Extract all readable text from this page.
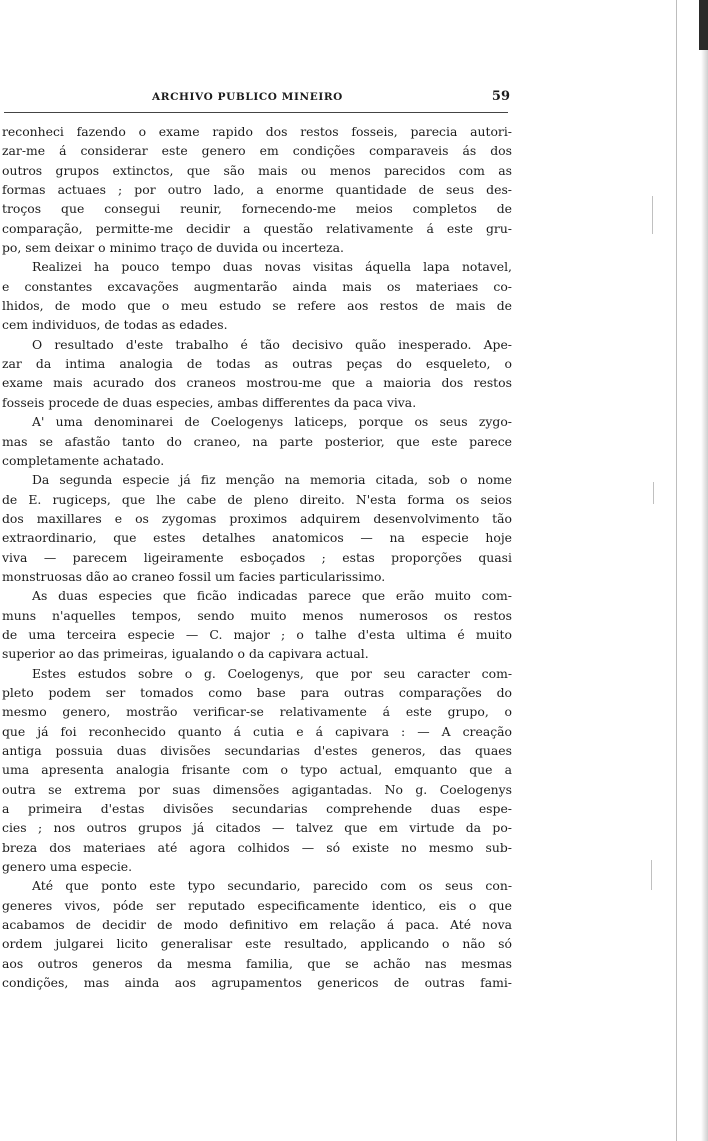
ARCHIVO PUBLICO MINEIRO	59
reconheci fazendo o exame rapido dos restos fosseis, parecia autori-
zar-me á considerar este genero em condições comparaveis ás dos
outros grupos extinctos, que são mais ou menos parecidos com as
formas actuaes ; por outro lado, a enorme quantidade de seus des-
troços que consegui reunir, fornecendo-me meios completos de
comparação, permitte-me decidir a questão relativamente á este gru-
po, sem deixar o minimo traço de duvida ou incerteza.
Realizei ha pouco tempo duas novas visitas áquella lapa notavel,
e constantes excavações augmentarão ainda mais os materiaes co-
lhidos, de modo que o meu estudo se refere aos restos de mais de
cem individuos, de todas as edades.
O resultado d'este trabalho é tão decisivo quão inesperado. Ape-
zar da intima analogia de todas as outras peças do esqueleto, o
exame mais acurado dos craneos mostrou-me que a maioria dos restos
fosseis procede de duas especies, ambas differentes da paca viva.
A' uma denominarei de Coelogenys laticeps, porque os seus zygo-
mas se afastão tanto do craneo, na parte posterior, que este parece
completamente achatado.
Da segunda especie já fiz menção na memoria citada, sob o nome
de E. rugiceps, que lhe cabe de pleno direito. N'esta forma os seios
dos maxillares e os zygomas proximos adquirem desenvolvimento tão
extraordinario, que estes detalhes anatomicos — na especie hoje
viva — parecem ligeiramente esboçados ; estas proporções quasi
monstruosas dão ao craneo fossil um facies particularissimo.
As duas especies que ficão indicadas parece que erão muito com-
muns n'aquelles tempos, sendo muito menos numerosos os restos
de uma terceira especie — C. major ; o talhe d'esta ultima é muito
superior ao das primeiras, igualando o da capivara actual.
Estes estudos sobre o g. Coelogenys, que por seu caracter com-
pleto podem ser tomados como base para outras comparações do
mesmo genero, mostrão verificar-se relativamente á este grupo, o
que já foi reconhecido quanto á cutia e á capivara : — A creação
antiga possuia duas divisões secundarias d'estes generos, das quaes
uma apresenta analogia frisante com o typo actual, emquanto que a
outra se extrema por suas dimensões agigantadas. No g. Coelogenys
a primeira d'estas divisões secundarias comprehende duas espe-
cies ; nos outros grupos já citados — talvez que em virtude da po-
breza dos materiaes até agora colhidos — só existe no mesmo sub-
genero uma especie.
Até que ponto este typo secundario, parecido com os seus con-
generes vivos, póde ser reputado especificamente identico, eis o que
acabamos de decidir de modo definitivo em relação á paca. Até nova
ordem julgarei licito generalisar este resultado, applicando o não só
aos outros generos da mesma familia, que se achão nas mesmas
condições, mas ainda aos agrupamentos genericos de outras fami-
